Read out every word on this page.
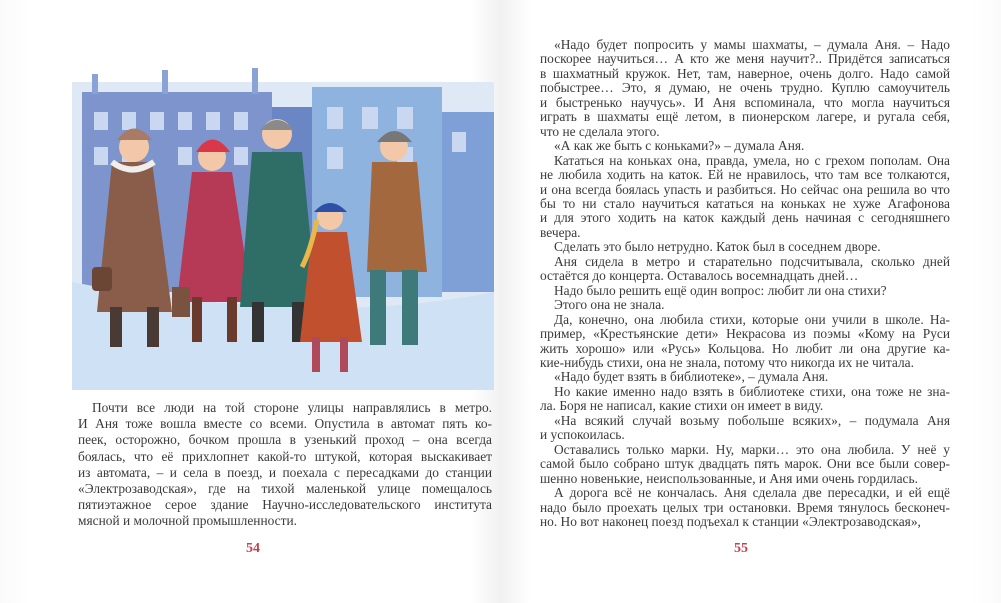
Почти все люди на той стороне улицы направлялись в метро.
И Аня тоже вошла вместе со всеми. Опустила в автомат пять ко-
пеек, осторожно, бочком прошла в узенький проход – она всегда
боялась, что её прихлопнет какой-то штукой, которая выскакивает
из автомата, – и села в поезд, и поехала с пересадками до станции
«Электрозаводская», где на тихой маленькой улице помещалось
пятиэтажное серое здание Научно-исследовательского института
мясной и молочной промышленности.
54
«Надо будет попросить у мамы шахматы, – думала Аня. – Надо
поскорее научиться… А кто же меня научит?.. Придётся записаться
в шахматный кружок. Нет, там, наверное, очень долго. Надо самой
побыстрее… Это, я думаю, не очень трудно. Куплю самоучитель
и быстренько научусь». И Аня вспоминала, что могла научиться
играть в шахматы ещё летом, в пионерском лагере, и ругала себя,
что не сделала этого.
«А как же быть с коньками?» – думала Аня.
Кататься на коньках она, правда, умела, но с грехом пополам. Она
не любила ходить на каток. Ей не нравилось, что там все толкаются,
и она всегда боялась упасть и разбиться. Но сейчас она решила во что
бы то ни стало научиться кататься на коньках не хуже Агафонова
и для этого ходить на каток каждый день начиная с сегодняшнего
вечера.
Сделать это было нетрудно. Каток был в соседнем дворе.
Аня сидела в метро и старательно подсчитывала, сколько дней
остаётся до концерта. Оставалось восемнадцать дней…
Надо было решить ещё один вопрос: любит ли она стихи?
Этого она не знала.
Да, конечно, она любила стихи, которые они учили в школе. На-
пример, «Крестьянские дети» Некрасова из поэмы «Кому на Руси
жить хорошо» или «Русь» Кольцова. Но любит ли она другие ка-
кие-нибудь стихи, она не знала, потому что никогда их не читала.
«Надо будет взять в библиотеке», – думала Аня.
Но какие именно надо взять в библиотеке стихи, она тоже не зна-
ла. Боря не написал, какие стихи он имеет в виду.
«На всякий случай возьму побольше всяких», – подумала Аня
и успокоилась.
Оставались только марки. Ну, марки… это она любила. У неё у
самой было собрано штук двадцать пять марок. Они все были совер-
шенно новенькие, неиспользованные, и Аня ими очень гордилась.
А дорога всё не кончалась. Аня сделала две пересадки, и ей ещё
надо было проехать целых три остановки. Время тянулось бесконеч-
но. Но вот наконец поезд подъехал к станции «Электрозаводская»,
55
